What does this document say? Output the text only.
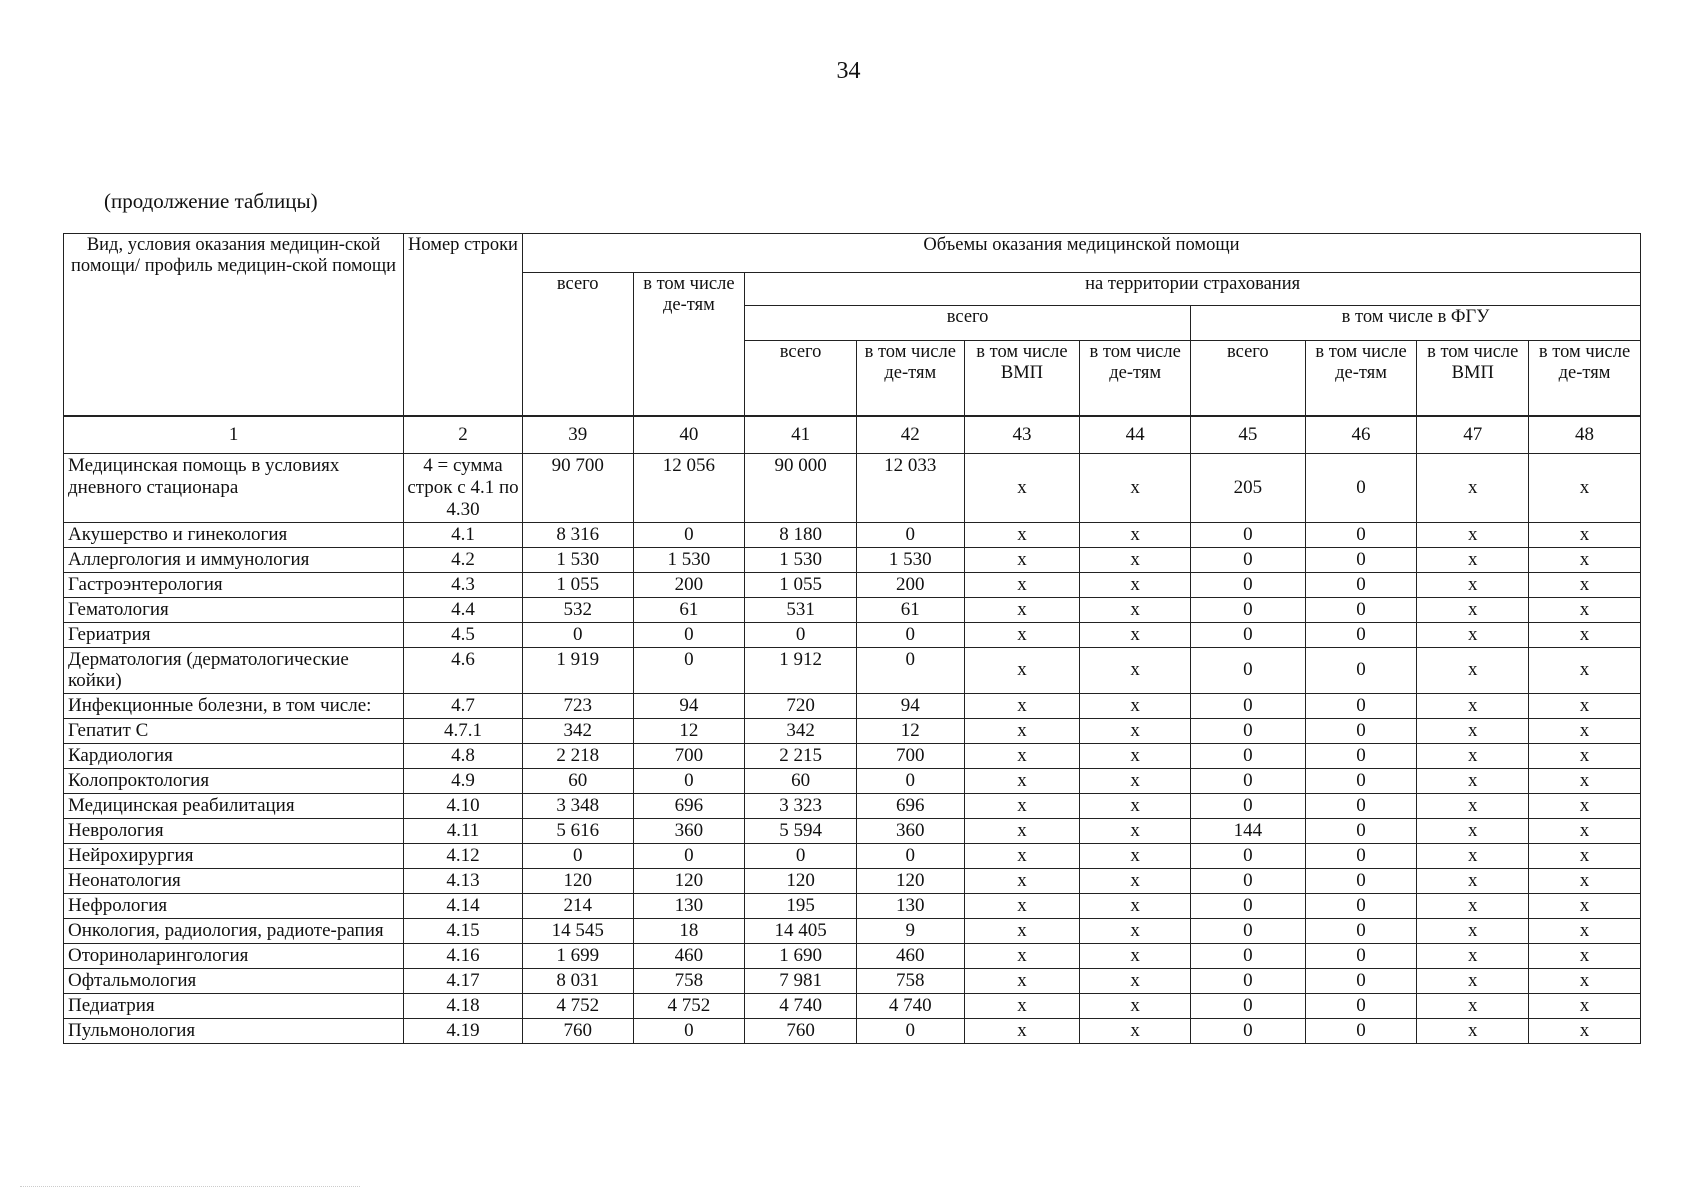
34
(продолжение таблицы)
Вид, условия оказания медицин-ской помощи/ профиль медицин-ской помощи	Номер строки	Объемы оказания медицинской помощи									
		всего	в том числе де-тям	на территории страхования							
				всего				в том числе в ФГУ			
				всего	в том числе де-тям	в том числе ВМП	в том числе де-тям	всего	в том числе де-тям	в том числе ВМП	в том числе де-тям
1	2	39	40	41	42	43	44	45	46	47	48
Медицинская помощь в условиях дневного стационара	4 = сумма строк с 4.1 по 4.30	90 700	12 056	90 000	12 033	х	х	205	0	х	х
Акушерство и гинекология	4.1	8 316	0	8 180	0	х	х	0	0	х	х
Аллергология и иммунология	4.2	1 530	1 530	1 530	1 530	х	х	0	0	х	х
Гастроэнтерология	4.3	1 055	200	1 055	200	х	х	0	0	х	х
Гематология	4.4	532	61	531	61	х	х	0	0	х	х
Гериатрия	4.5	0	0	0	0	х	х	0	0	х	х
Дерматология (дерматологические койки)	4.6	1 919	0	1 912	0	х	х	0	0	х	х
Инфекционные болезни, в том числе:	4.7	723	94	720	94	х	х	0	0	х	х
Гепатит С	4.7.1	342	12	342	12	х	х	0	0	х	х
Кардиология	4.8	2 218	700	2 215	700	х	х	0	0	х	х
Колопроктология	4.9	60	0	60	0	х	х	0	0	х	х
Медицинская реабилитация	4.10	3 348	696	3 323	696	х	х	0	0	х	х
Неврология	4.11	5 616	360	5 594	360	х	х	144	0	х	х
Нейрохирургия	4.12	0	0	0	0	х	х	0	0	х	х
Неонатология	4.13	120	120	120	120	х	х	0	0	х	х
Нефрология	4.14	214	130	195	130	х	х	0	0	х	х
Онкология, радиология, радиоте-рапия	4.15	14 545	18	14 405	9	х	х	0	0	х	х
Оториноларингология	4.16	1 699	460	1 690	460	х	х	0	0	х	х
Офтальмология	4.17	8 031	758	7 981	758	х	х	0	0	х	х
Педиатрия	4.18	4 752	4 752	4 740	4 740	х	х	0	0	х	х
Пульмонология	4.19	760	0	760	0	х	х	0	0	х	х
